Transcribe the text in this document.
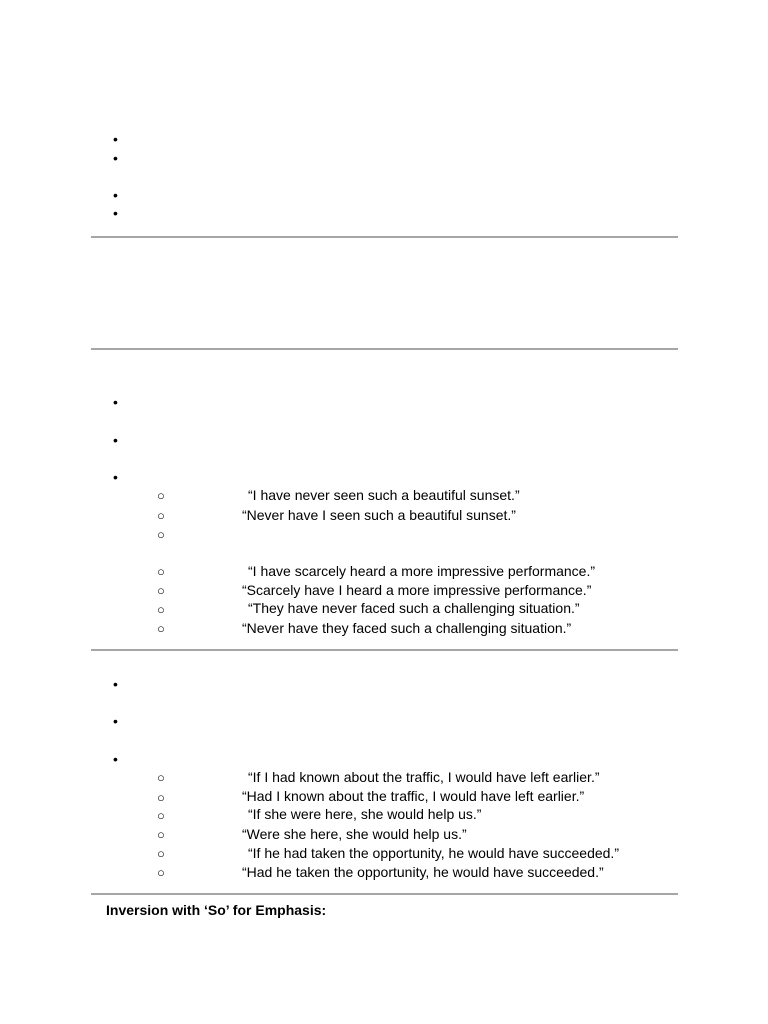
•
•
•
•
•
•
•
○	“I have never seen such a beautiful sunset.”
○	“Never have I seen such a beautiful sunset.”
○
○	“I have scarcely heard a more impressive performance.”
○	“Scarcely have I heard a more impressive performance.”
○	“They have never faced such a challenging situation.”
○	“Never have they faced such a challenging situation.”
•
•
•
○	“If I had known about the traffic, I would have left earlier.”
○	“Had I known about the traffic, I would have left earlier.”
○	“If she were here, she would help us.”
○	“Were she here, she would help us.”
○	“If he had taken the opportunity, he would have succeeded.”
○	“Had he taken the opportunity, he would have succeeded.”
Inversion with ‘So’ for Emphasis:
